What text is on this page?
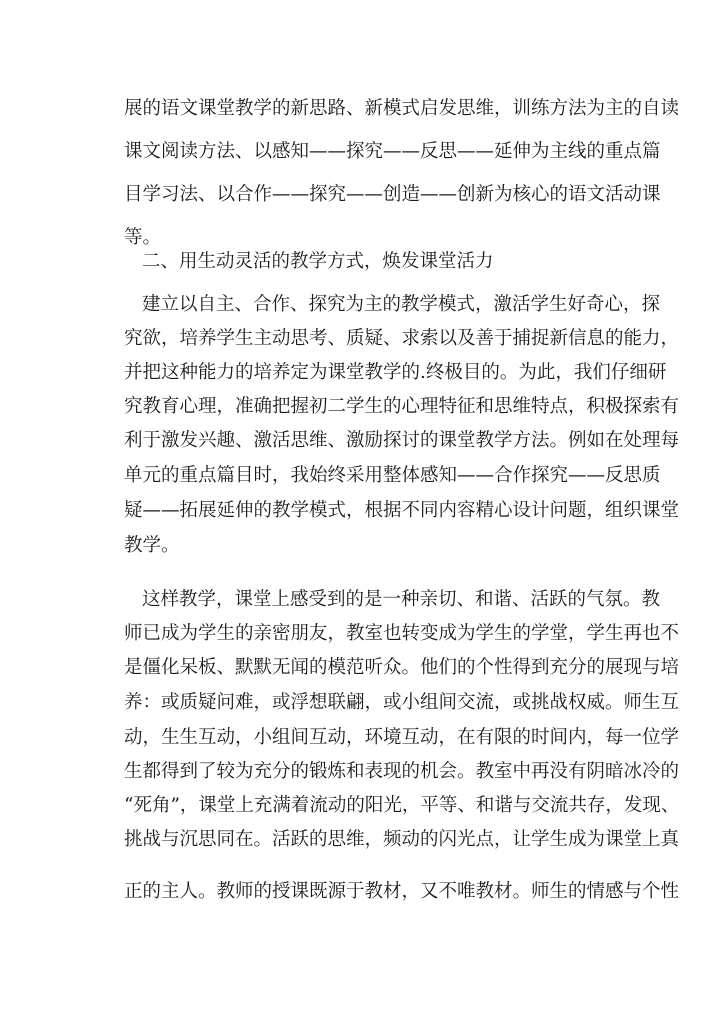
展的语文课堂教学的新思路、新模式启发思维，训练方法为主的自读

课文阅读方法、以感知——探究——反思——延伸为主线的重点篇

目学习法、以合作——探究——创造——创新为核心的语文活动课

等。

二、用生动灵活的教学方式，焕发课堂活力

建立以自主、合作、探究为主的教学模式，激活学生好奇心，探

究欲，培养学生主动思考、质疑、求索以及善于捕捉新信息的能力，

并把这种能力的培养定为课堂教学的.终极目的。为此，我们仔细研

究教育心理，准确把握初二学生的心理特征和思维特点，积极探索有

利于激发兴趣、激活思维、激励探讨的课堂教学方法。例如在处理每

单元的重点篇目时，我始终采用整体感知——合作探究——反思质

疑——拓展延伸的教学模式，根据不同内容精心设计问题，组织课堂

教学。

这样教学，课堂上感受到的是一种亲切、和谐、活跃的气氛。教

师已成为学生的亲密朋友，教室也转变成为学生的学堂，学生再也不

是僵化呆板、默默无闻的模范听众。他们的个性得到充分的展现与培

养：或质疑问难，或浮想联翩，或小组间交流，或挑战权威。师生互

动，生生互动，小组间互动，环境互动，在有限的时间内，每一位学

生都得到了较为充分的锻炼和表现的机会。教室中再没有阴暗冰冷的

“死角”，课堂上充满着流动的阳光，平等、和谐与交流共存，发现、

挑战与沉思同在。活跃的思维，频动的闪光点，让学生成为课堂上真

正的主人。教师的授课既源于教材，又不唯教材。师生的情感与个性
